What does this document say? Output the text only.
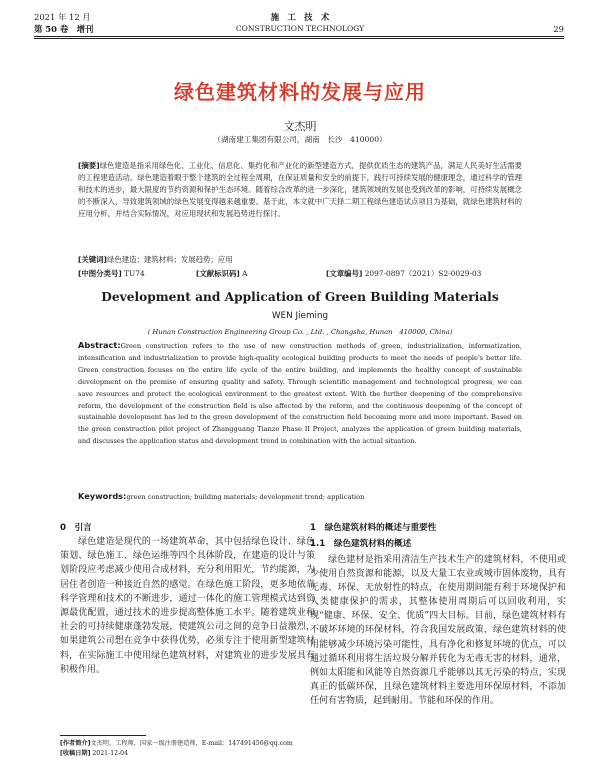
2021 年 12 月
第 50 卷　增刊
施　工　技　术
CONSTRUCTION TECHNOLOGY	29
绿色建筑材料的发展与应用
文杰明
（湖南建工集团有限公司，湖南　长沙　410000）
[摘要]绿色建造是指采用绿色化、工业化、信息化、集约化和产业化的新型建造方式，提供优质生态的建筑产品，满足人民美好生活需要的工程建造活动。绿色建造着眼于整个建筑的全过程全周期，在保证质量和安全的前提下，践行可持续发展的健康理念，通过科学的管理和技术的进步，最大限度的节约资源和保护生态环境。随着综合改革的进一步深化，建筑领域的发展也受到改革的影响，可持续发展概念的不断深入，导致建筑领域的绿色发展变得越来越重要。基于此，本文就中广天择二期工程绿色建造试点项目为基础，就绿色建筑材料的应用分析，并结合实际情况，对应用现状和发展趋势进行探讨。
[关键词]绿色建造；建筑材料；发展趋势；应用
[中图分类号] TU74	[文献标识码] A	[文章编号] 2097-0897（2021）S2-0029-03
Development and Application of Green Building Materials
WEN Jieming
( Hunan Construction Engineering Group Co. , Ltd. , Changsha, Hunan　410000, China)
Abstract:Green construction refers to the use of new construction methods of green, industrialization, informatization, intensification and industrialization to provide high-quality ecological building products to meet the needs of people's better life. Green construction focuses on the entire life cycle of the entire building, and implements the healthy concept of sustainable development on the premise of ensuring quality and safety. Through scientific management and technological progress, we can save resources and protect the ecological environment to the greatest extent. With the further deepening of the comprehensive reform, the development of the construction field is also affected by the reform, and the continuous deepening of the concept of sustainable development has led to the green development of the construction field becoming more and more important. Based on the green construction pilot project of Zhangguang Tianze Phase II Project, analyzes the application of green building materials, and discusses the application status and development trend in combination with the actual situation.
Keywords:green construction; building materials; development trend; application
0　引言
绿色建造是现代的一场建筑革命，其中包括绿色设计、绿色策划、绿色施工、绿色运维等四个具体阶段，在建造的设计与策划阶段应考虑减少使用合成材料，充分利用阳光，节约能源，为居住者创造一种接近自然的感觉。在绿色施工阶段，更多地依靠科学管理和技术的不断进步，通过一体化的施工管理模式达到资源最优配置，通过技术的进步提高整体施工水平。随着建筑业和社会的可持续健康蓬勃发展，使建筑公司之间的竞争日益激烈，如果建筑公司想在竞争中获得优势，必须专注于使用新型建筑材料，在实际施工中使用绿色建筑材料，对建筑业的进步发展具有积极作用。
[作者简介]文杰明，工程师，国家一级注册建造师，E-mail：147491456@qq.com
[收稿日期] 2021-12-04
1　绿色建筑材料的概述与重要性
1.1　绿色建筑材料的概述
绿色建材是指采用清洁生产技术生产的建筑材料，不使用或少使用自然资源和能源，以及大量工农业或城市固体废物，具有无毒、环保、无放射性的特点，在使用期间能有利于环境保护和人类健康保护的需求，其整体使用周期后可以回收利用，实现“健康、环保、安全、优质”四大目标。目前，绿色建筑材料有不破坏环境的环保材料，符合我国发展政策，绿色建筑材料的使用能够减少环境污染可能性，具有净化和修复环境的优点，可以通过循环利用将生活垃圾分解并转化为无毒无害的材料，通常，例如太阳能和风能等自然资源几乎能够以其无污染的特点，实现真正的低碳环保，且绿色建筑材料主要选用环保原材料，不添加任何有害物质，起到耐用、节能和环保的作用。
